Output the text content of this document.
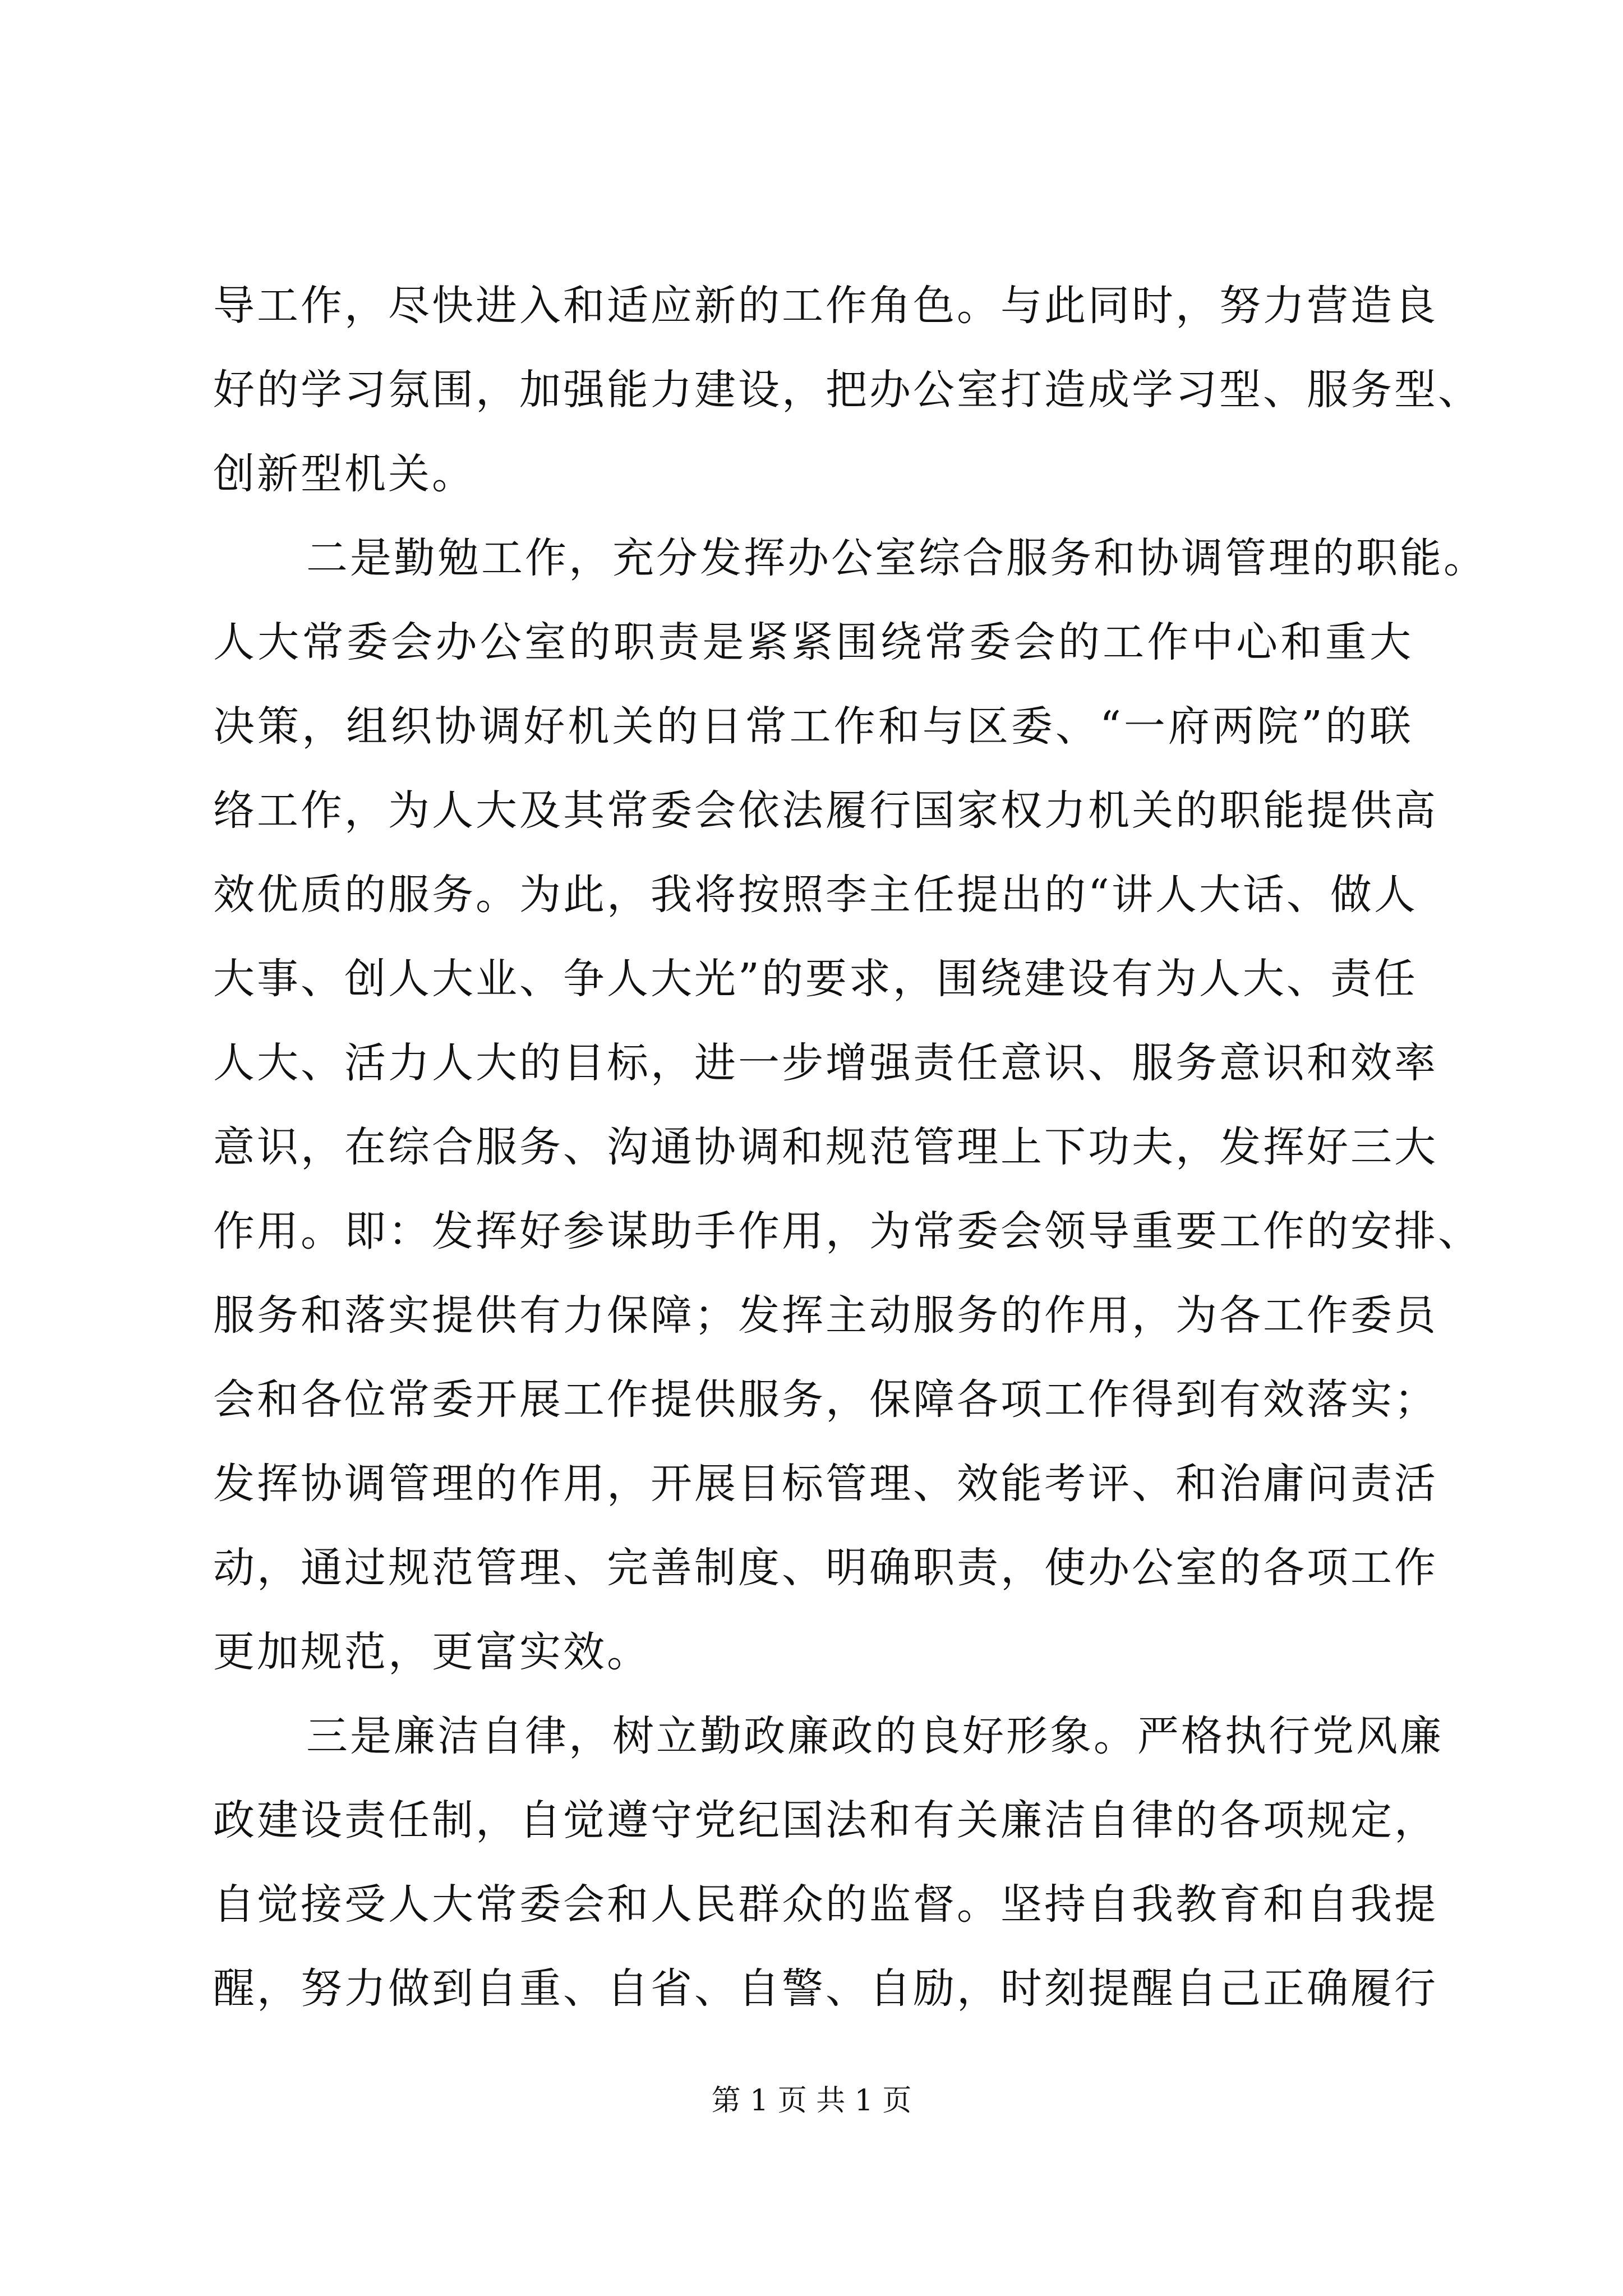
导工作，尽快进入和适应新的工作角色。与此同时，努力营造良
好的学习氛围，加强能力建设，把办公室打造成学习型、服务型、
创新型机关。
二是勤勉工作，充分发挥办公室综合服务和协调管理的职能。
人大常委会办公室的职责是紧紧围绕常委会的工作中心和重大
决策，组织协调好机关的日常工作和与区委、“一府两院”的联
络工作，为人大及其常委会依法履行国家权力机关的职能提供高
效优质的服务。为此，我将按照李主任提出的“讲人大话、做人
大事、创人大业、争人大光”的要求，围绕建设有为人大、责任
人大、活力人大的目标，进一步增强责任意识、服务意识和效率
意识，在综合服务、沟通协调和规范管理上下功夫，发挥好三大
作用。即：发挥好参谋助手作用，为常委会领导重要工作的安排、
服务和落实提供有力保障；发挥主动服务的作用，为各工作委员
会和各位常委开展工作提供服务，保障各项工作得到有效落实；
发挥协调管理的作用，开展目标管理、效能考评、和治庸问责活
动，通过规范管理、完善制度、明确职责，使办公室的各项工作
更加规范，更富实效。
三是廉洁自律，树立勤政廉政的良好形象。严格执行党风廉
政建设责任制，自觉遵守党纪国法和有关廉洁自律的各项规定，
自觉接受人大常委会和人民群众的监督。坚持自我教育和自我提
醒，努力做到自重、自省、自警、自励，时刻提醒自己正确履行
第 1 页 共 1 页
